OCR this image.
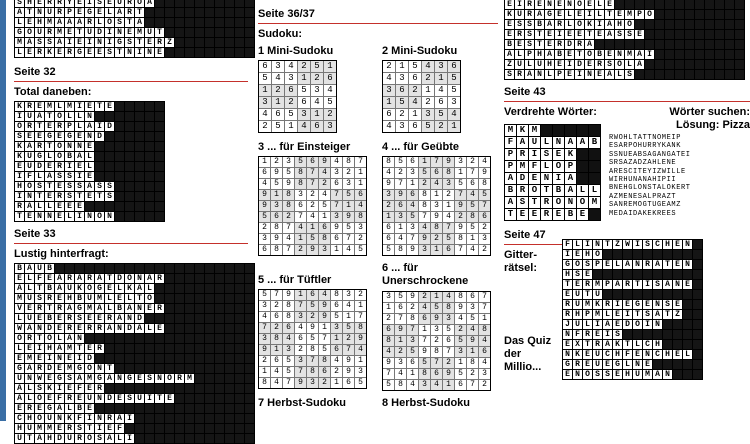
S H E R R Y E I S E U R O A
A T N U R P E G E L A R T
L E H M A A A R L O S T A
G O U R M E T U D I N E M U T
M A S S A I E I N I G S T E R Z
L E R K E R G E E S T N I N E
Seite 32
Total daneben:
K R E M L M I E T E
I U A T O L L N
O R T E R P L A I D
S E E G E G E N D
K A R T O N N E
K U G L O B A L
E U D E R I E L
I F L A S S I E
H O S T E S S A S S
I N T E R S T E T S
R A L L E E E
T E N N E L I N O N
Seite 33
Lustig hinterfragt:
B A U B
E L F E A R A R A T D O N A R
A L T B A U K O G E L K A L
M U S R E H B U M L E L T O
V E R T R A G M A L B A N E R
L U E B E R S E E R A N D
W A N D E R E R R A N D A L E
O R T O L A N
L E I H A M T E R
E M E I N E I D
G A R D E M G O N T
U N W E G S A M G A N G E S N O R M
A L S K I E F E R
A L O E F R E U N D E S U I T E
E R E G A L B E
C H O U N K F I N R A I
H U M M E R S T I E F
U T A H D U R O S A L I
Seite 36/37
Sudoku:
1 Mini-Sudoku
6 3 4 2 5 1
5 4 3 1 2 6
1 2 6 5 3 4
3 1 2 6 4 5
4 6 5 3 1 2
2 5 1 4 6 3
2 Mini-Sudoku
2 1 5 4 3 6
4 3 6 2 1 5
3 6 2 1 4 5
1 5 4 2 6 3
6 2 1 3 5 4
4 3 6 5 2 1
3 ... für Einsteiger
1 2 3 5 6 9 4 8 7
6 9 5 8 7 4 3 2 1
4 5 9 8 7 2 6 3 1
9 1 8 3 2 4 7 5 6
9 3 8 6 2 5 7 1 4
5 6 2 7 4 1 3 9 8
2 8 7 4 1 6 9 5 3
3 9 4 1 5 8 6 7 2
6 8 7 2 9 3 1 4 5
4 ... für Geübte
8 5 6 1 7 9 3 2 4
4 2 3 5 6 8 1 7 9
9 7 1 2 4 3 5 6 8
3 9 6 8 1 2 7 4 5
2 6 4 8 3 1 9 5 7
1 3 5 7 9 4 2 8 6
6 1 3 4 8 7 9 5 2
6 4 7 9 2 5 8 1 3
5 8 9 3 1 6 7 4 2
5 ... für Tüftler
5 7 9 1 6 4 8 3 2
3 2 8 7 5 9 6 4 1
4 6 8 3 2 9 5 1 7
7 2 6 4 9 1 3 5 8
3 8 4 6 5 7 1 2 9
9 1 3 2 8 5 6 7 4
2 6 5 3 7 8 4 9 1
1 4 5 7 8 6 2 9 3
8 4 7 9 3 2 1 6 5
6 ... für
Unerschrockene
3 5 9 2 1 4 8 6 7
1 6 2 4 5 8 9 3 7
2 7 8 6 9 3 4 5 1
6 9 7 1 3 5 2 4 8
8 1 3 7 2 6 5 9 4
4 2 5 9 8 7 3 1 6
9 3 6 5 7 2 1 8 4
7 4 1 8 6 9 5 2 3
5 8 4 3 4 1 6 7 2
7 Herbst-Sudoku	8 Herbst-Sudoku
E I R E N E N O E L E
K U R A G E L E I L T E M P O
E S S B A R L O K I A H O
E R S T E I E E T E A S S E
B E S T E R D R A
A L P H A B E T O B E N M A I
Z U L U H E I D E R S O L A
S R A N L P E I N E A L S
Seite 43
Verdrehte Wörter:	Wörter suchen:
Lösung: Pizza
M K M
F A U L N A A B
P R I S E K
P M F L O P
A D E N I A
B R O T B A L L
A S T R O N O M
T E E R E B E
RWOHLTATTNOMEIP
ESARPOHURRYKANK
SSNUEABSAGANGATEI
SRSAZADZAHLENE
ARESCITEYIZWILLE
WIRHUNANAHIPII
BNEHGLONSTALOKERT
AZMENESALPRAZT
SANREMOGTUGEAMZ
MEDAIDAKEKREES
Seite 47
Gitter-
rätsel:
Das Quiz
der
Millio...
F L I N T Z W I S C H E N
I E H O
G O S P E L A N R A T E N
H S E
T E R M P A R T I S A N E
E U T U
R U M K R I E G E N S E
R H P M L E I T S A T Z
J U L I A E D O I N
N F R E I S
E X T R A K T L C H
N K E U C H F E N C H E L
G R E U E G L N E
E N O S S E H U M A N
